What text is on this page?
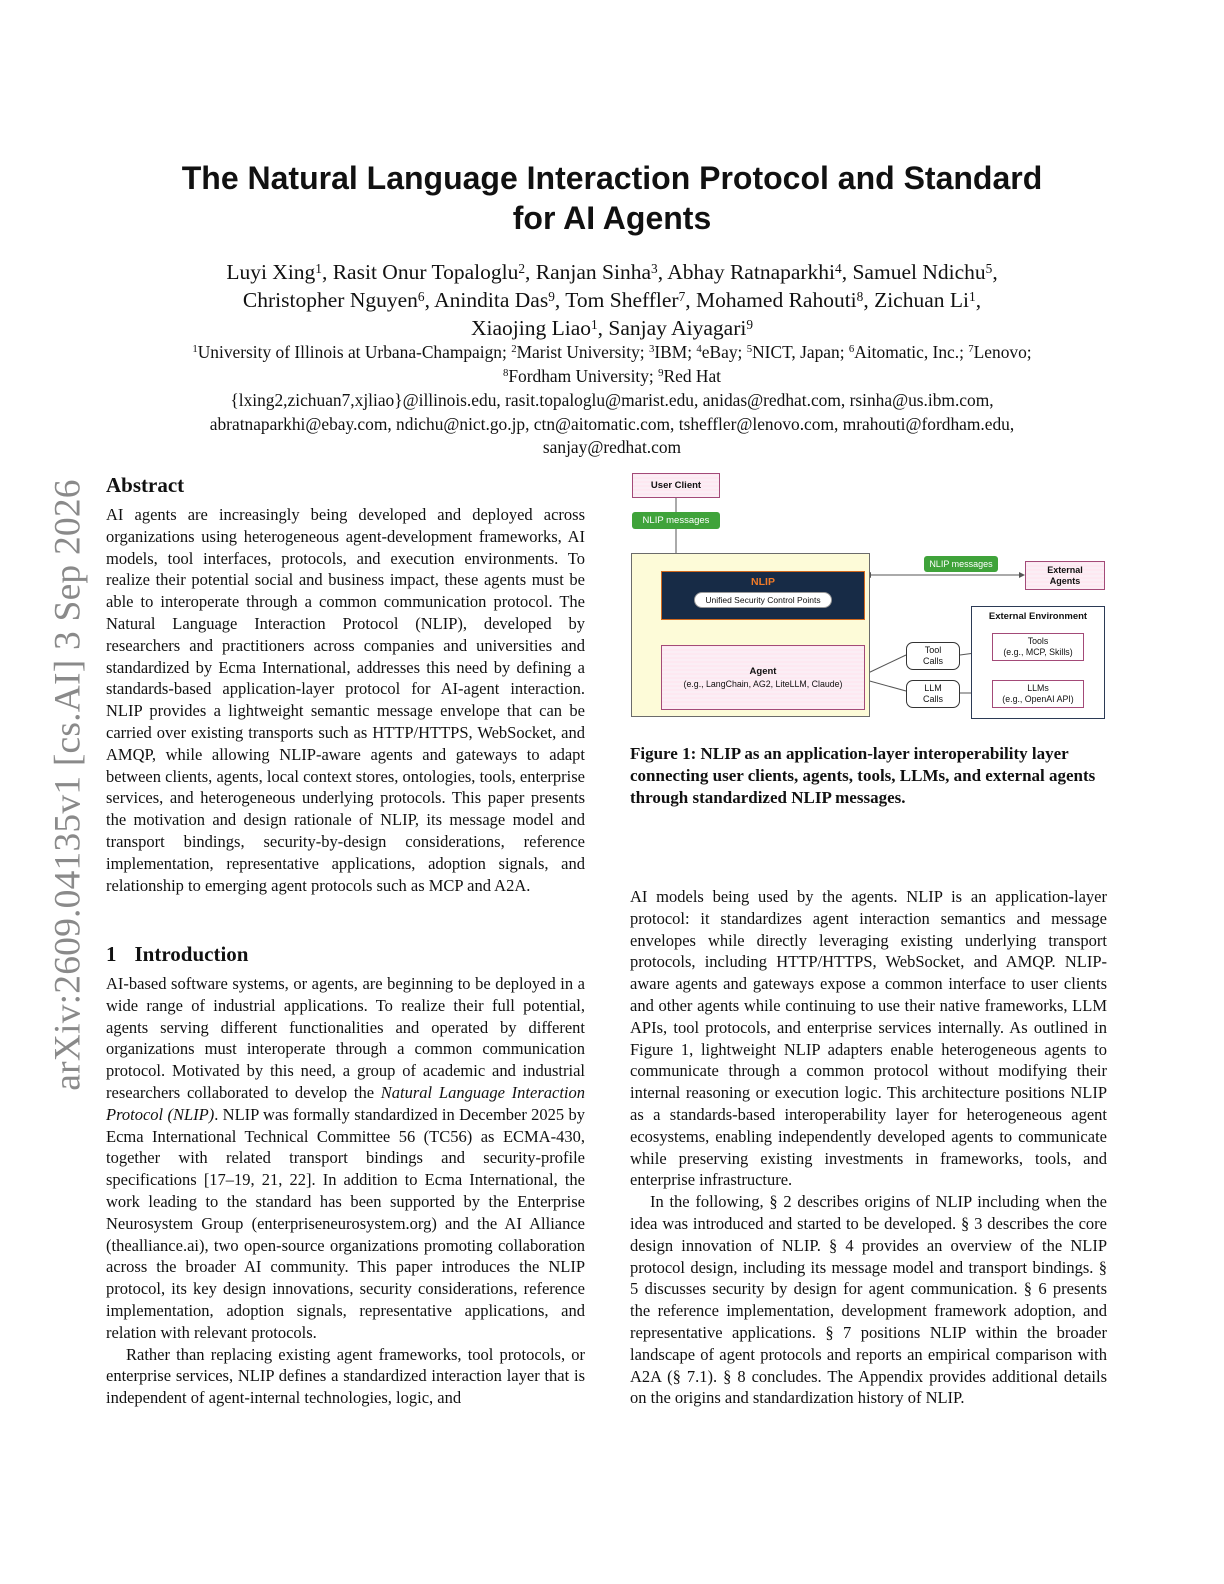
arXiv:2609.04135v1 [cs.AI] 3 Sep 2026
The Natural Language Interaction Protocol and Standard
for AI Agents
Luyi Xing$^1$, Rasit Onur Topaloglu$^2$, Ranjan Sinha$^3$, Abhay Ratnaparkhi$^4$, Samuel Ndichu$^5$,
Christopher Nguyen$^6$, Anindita Das$^9$, Tom Sheffler$^7$, Mohamed Rahouti$^8$, Zichuan Li$^1$,
Xiaojing Liao$^1$, Sanjay Aiyagari$^9$
$^1$University of Illinois at Urbana-Champaign; $^2$Marist University; $^3$IBM; $^4$eBay; $^5$NICT, Japan; $^6$Aitomatic, Inc.; $^7$Lenovo;
$^8$Fordham University; $^9$Red Hat
{lxing2,zichuan7,xjliao}@illinois.edu, rasit.topaloglu@marist.edu, anidas@redhat.com, rsinha@us.ibm.com,
abratnaparkhi@ebay.com, ndichu@nict.go.jp, ctn@aitomatic.com, tsheffler@lenovo.com, mrahouti@fordham.edu,
sanjay@redhat.com
Abstract
AI agents are increasingly being developed and deployed across organizations using heterogeneous agent-development frameworks, AI models, tool interfaces, protocols, and execution environments. To realize their potential social and business impact, these agents must be able to interoperate through a common communication protocol. The Natural Language Interaction Protocol (NLIP), developed by researchers and practitioners across companies and universities and standardized by Ecma International, addresses this need by defining a standards-based application-layer protocol for AI-agent interaction. NLIP provides a lightweight semantic message envelope that can be carried over existing transports such as HTTP/HTTPS, WebSocket, and AMQP, while allowing NLIP-aware agents and gateways to adapt between clients, agents, local context stores, ontologies, tools, enterprise services, and heterogeneous underlying protocols. This paper presents the motivation and design rationale of NLIP, its message model and transport bindings, security-by-design considerations, reference implementation, representative applications, adoption signals, and relationship to emerging agent protocols such as MCP and A2A.
1 Introduction

AI-based software systems, or agents, are beginning to be deployed in a wide range of industrial applications. To realize their full potential, agents serving different functionalities and operated by different organizations must interoperate through a common communication protocol. Motivated by this need, a group of academic and industrial researchers collaborated to develop the Natural Language Interaction Protocol (NLIP). NLIP was formally standardized in December 2025 by Ecma International Technical Committee 56 (TC56) as ECMA-430, together with related transport bindings and security-profile specifications [17–19, 21, 22]. In addition to Ecma International, the work leading to the standard has been supported by the Enterprise Neurosystem Group (enterpriseneurosystem.org) and the AI Alliance (thealliance.ai), two open-source organizations promoting collaboration across the broader AI community. This paper introduces the NLIP protocol, its key design innovations, security considerations, reference implementation, adoption signals, representative applications, and relation with relevant protocols.

Rather than replacing existing agent frameworks, tool protocols, or enterprise services, NLIP defines a standardized interaction layer that is independent of agent-internal technologies, logic, and

User Client
NLIP messages
NLIP
Unified Security Control Points
Agent
(e.g., LangChain, AG2, LiteLLM, Claude)
NLIP messages
External
Agents
Tool
Calls
LLM
Calls
External Environment
Tools
(e.g., MCP, Skills)
LLMs
(e.g., OpenAI API)
Figure 1: NLIP as an application-layer interoperability layer connecting user clients, agents, tools, LLMs, and external agents through standardized NLIP messages.

AI models being used by the agents. NLIP is an application-layer protocol: it standardizes agent interaction semantics and message envelopes while directly leveraging existing underlying transport protocols, including HTTP/HTTPS, WebSocket, and AMQP. NLIP-aware agents and gateways expose a common interface to user clients and other agents while continuing to use their native frameworks, LLM APIs, tool protocols, and enterprise services internally. As outlined in Figure 1, lightweight NLIP adapters enable heterogeneous agents to communicate through a common protocol without modifying their internal reasoning or execution logic. This architecture positions NLIP as a standards-based interoperability layer for heterogeneous agent ecosystems, enabling independently developed agents to communicate while preserving existing investments in frameworks, tools, and enterprise infrastructure.

In the following, § 2 describes origins of NLIP including when the idea was introduced and started to be developed. § 3 describes the core design innovation of NLIP. § 4 provides an overview of the NLIP protocol design, including its message model and transport bindings. § 5 discusses security by design for agent communication. § 6 presents the reference implementation, development framework adoption, and representative applications. § 7 positions NLIP within the broader landscape of agent protocols and reports an empirical comparison with A2A (§ 7.1). § 8 concludes. The Appendix provides additional details on the origins and standardization history of NLIP.
